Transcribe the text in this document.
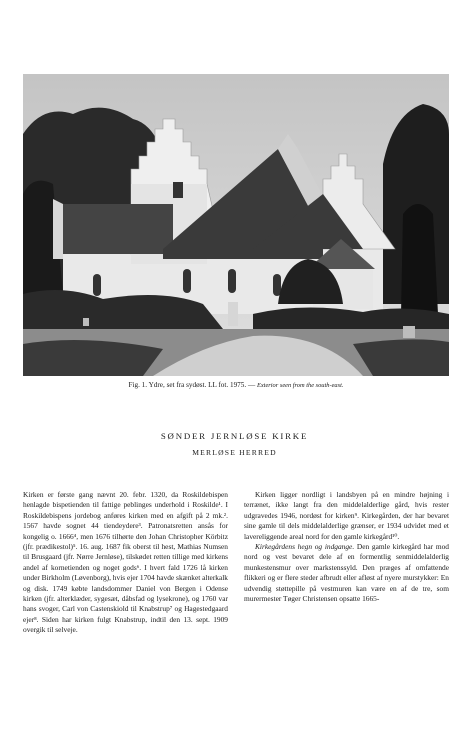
Fig. 1. Ydre, set fra sydøst. LL fot. 1975. — Exterior seen from the south-east.
SØNDER JERNLØSE KIRKE
MERLØSE HERRED

Kirken er første gang nævnt 20. febr. 1320, da Roskildebispen henlagde bispetienden til fattige peblinges underhold i Roskilde¹. I Roskildebispens jordebog anføres kirken med en afgift på 2 mk.². 1567 havde sognet 44 tiendeydere³. Patronatsretten ansås for kongelig o. 1666⁴, men 1676 tilhørte den Johan Christopher Körbitz (jfr. prædikestol)⁵. 16. aug. 1687 fik oberst til hest, Mathias Numsen til Brusgaard (jfr. Nørre Jernløse), tilskødet retten tillige med kirkens andel af kornetienden og noget gods⁶. I hvert fald 1726 lå kirken under Birkholm (Løvenborg), hvis ejer 1704 havde skænket alterkalk og disk. 1749 købte landsdommer Daniel von Bergen i Odense kirken (jfr. alterklæder, sygesæt, dåbsfad og lysekrone), og 1760 var hans svoger, Carl von Castenskiold til Knabstrup⁷ og Hagestedgaard ejer⁸. Siden har kirken fulgt Knabstrup, indtil den 13. sept. 1909 overgik til selveje.

Kirken ligger nordligt i landsbyen på en mindre højning i terrænet, ikke langt fra den middelalderlige gård, hvis rester udgravedes 1946, nordøst for kirken⁹. Kirkegården, der har bevaret sine gamle til dels middelalderlige grænser, er 1934 udvidet med et lavereliggende areal nord for den gamle kirkegård¹⁰.

Kirkegårdens hegn og indgange. Den gamle kirkegård har mod nord og vest bevaret dele af en formentlig senmiddelalderlig munkestensmur over markstenssyld. Den præges af omfattende flikkeri og er flere steder afbrudt eller afløst af nyere murstykker: En udvendig støttepille på vestmuren kan være en af de tre, som murermester Tøger Christensen opsatte 1665-
